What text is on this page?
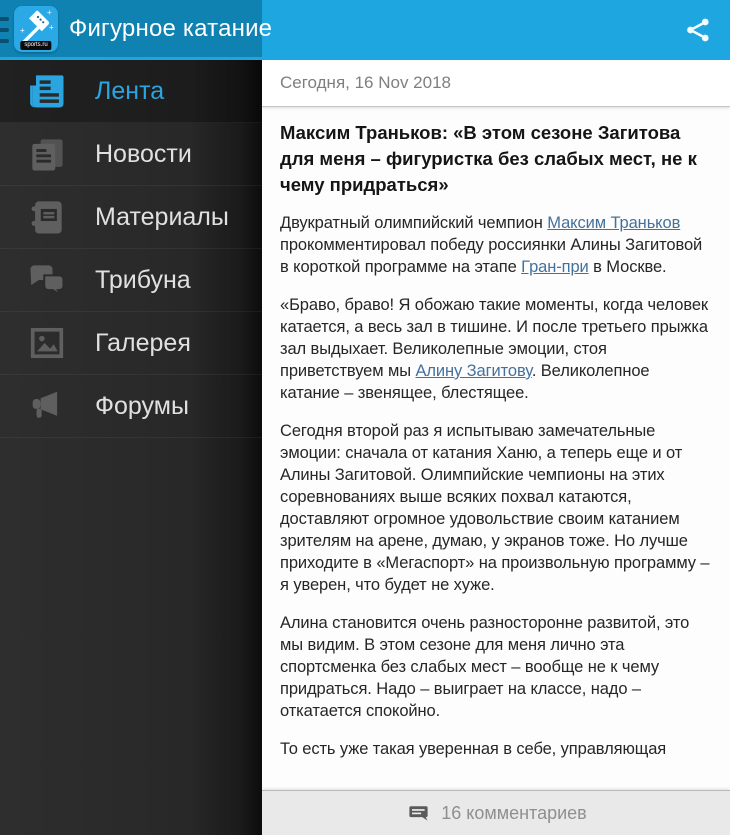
sports.ru
Фигурное катание
Лента
Новости
Материалы
Трибуна
Галерея
Форумы
Сегодня, 16 Nov 2018
Максим Траньков: «В этом сезоне Загитова для меня – фигуристка без слабых мест, не к чему придраться»

Двукратный олимпийский чемпион Максим Траньков прокомментировал победу россиянки Алины Загитовой в короткой программе на этапе Гран-при в Москве.

«Браво, браво! Я обожаю такие моменты, когда человек катается, а весь зал в тишине. И после третьего прыжка зал выдыхает. Великолепные эмоции, стоя приветствуем мы Алину Загитову. Великолепное катание – звенящее, блестящее.

Сегодня второй раз я испытываю замечательные эмоции: сначала от катания Ханю, а теперь еще и от Алины Загитовой. Олимпийские чемпионы на этих соревнованиях выше всяких похвал катаются, доставляют огромное удовольствие своим катанием зрителям на арене, думаю, у экранов тоже. Но лучше приходите в «Мегаспорт» на произвольную программу – я уверен, что будет не хуже.

Алина становится очень разносторонне развитой, это мы видим. В этом сезоне для меня лично эта спортсменка без слабых мест – вообще не к чему придраться. Надо – выиграет на классе, надо – откатается спокойно.

То есть уже такая уверенная в себе, управляющая

16 комментариев
